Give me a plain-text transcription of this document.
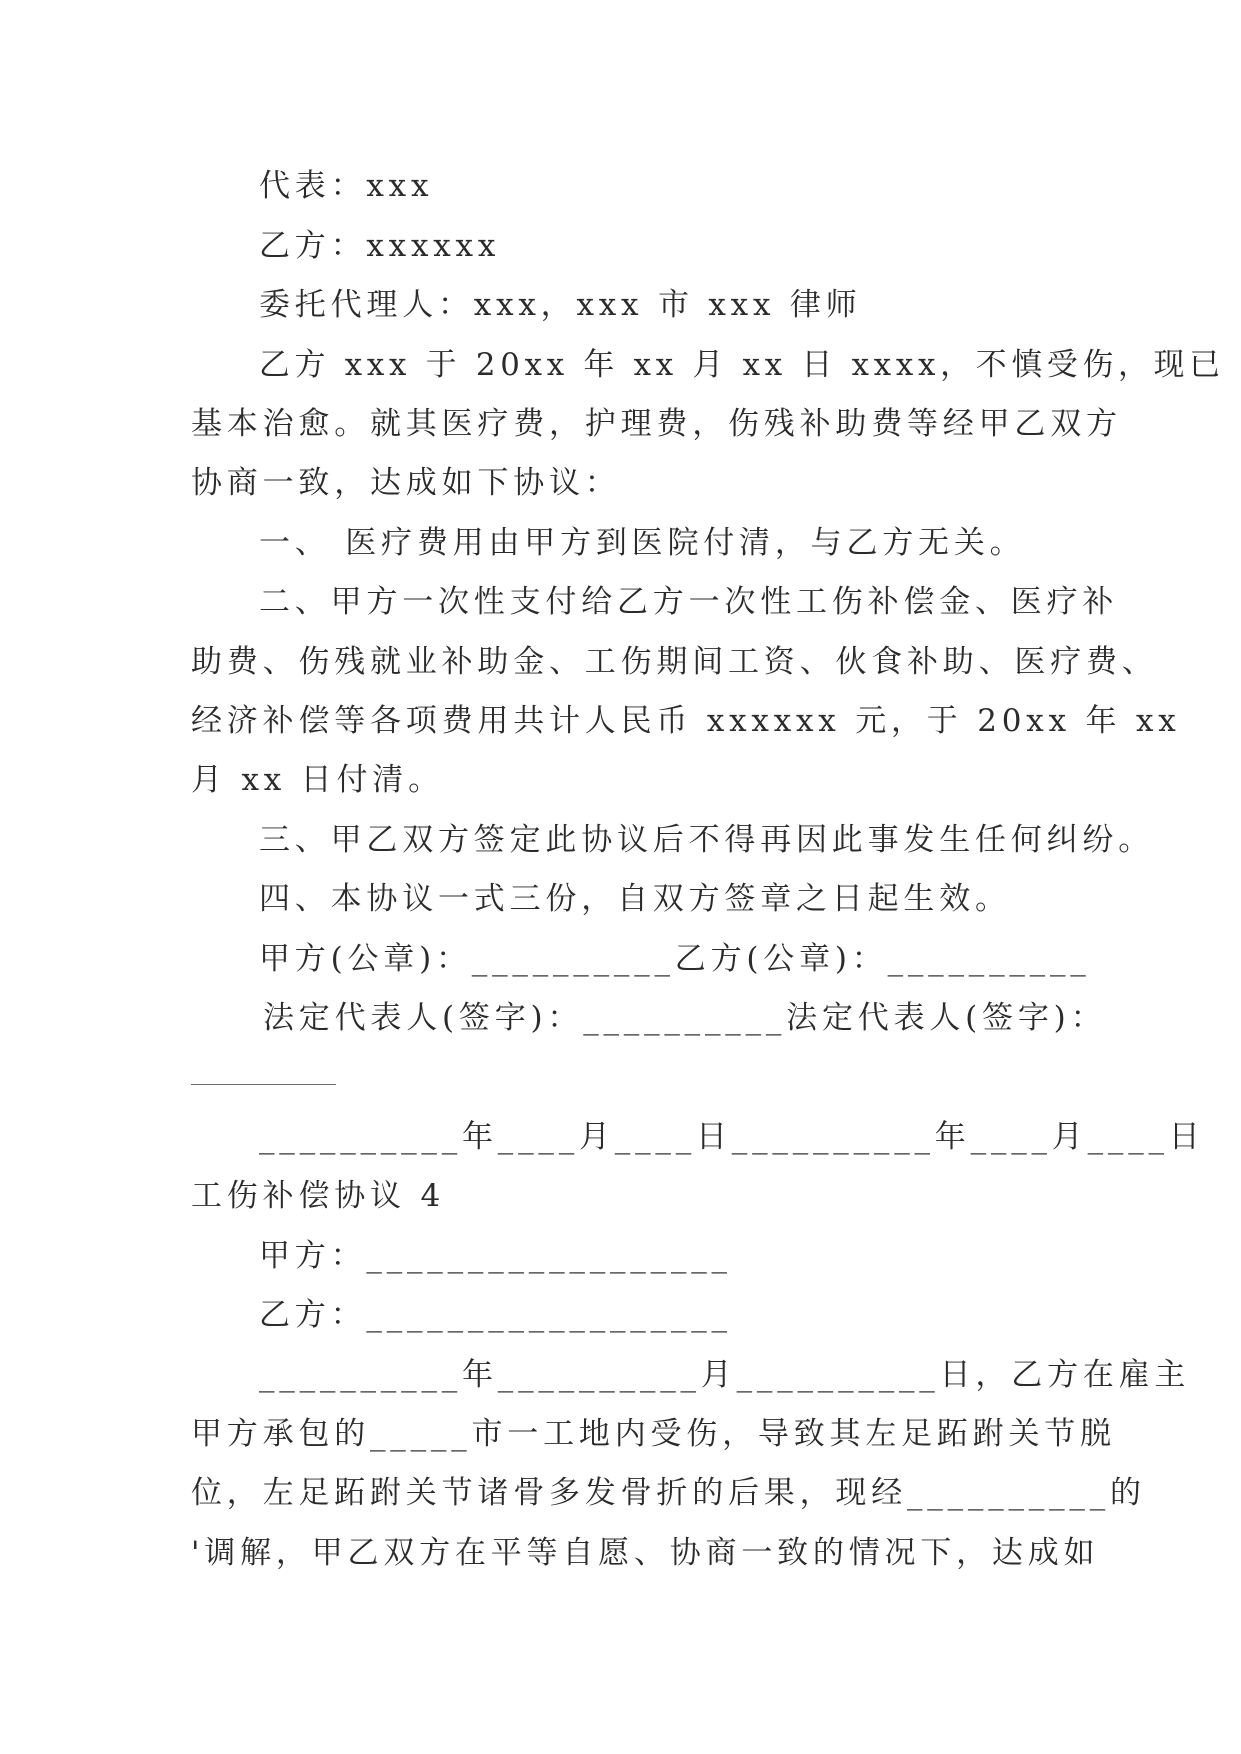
代表：xxx

乙方：xxxxxx

委托代理人：xxx，xxx 市 xxx 律师

乙方 xxx 于 20xx 年 xx 月 xx 日 xxxx，不慎受伤，现已

基本治愈。就其医疗费，护理费，伤残补助费等经甲乙双方

协商一致，达成如下协议：

一、 医疗费用由甲方到医院付清，与乙方无关。

二、甲方一次性支付给乙方一次性工伤补偿金、医疗补

助费、伤残就业补助金、工伤期间工资、伙食补助、医疗费、

经济补偿等各项费用共计人民币 xxxxxx 元，于 20xx 年 xx

月 xx 日付清。

三、甲乙双方签定此协议后不得再因此事发生任何纠纷。

四、本协议一式三份，自双方签章之日起生效。

甲方(公章)：__________乙方(公章)：__________

法定代表人(签字)：__________法定代表人(签字)：

__________年____月____日__________年____月____日

工伤补偿协议 4

甲方：__________________

乙方：__________________

__________年__________月__________日，乙方在雇主

甲方承包的_____市一工地内受伤，导致其左足跖跗关节脱

位，左足跖跗关节诸骨多发骨折的后果，现经__________的

'调解，甲乙双方在平等自愿、协商一致的情况下，达成如
